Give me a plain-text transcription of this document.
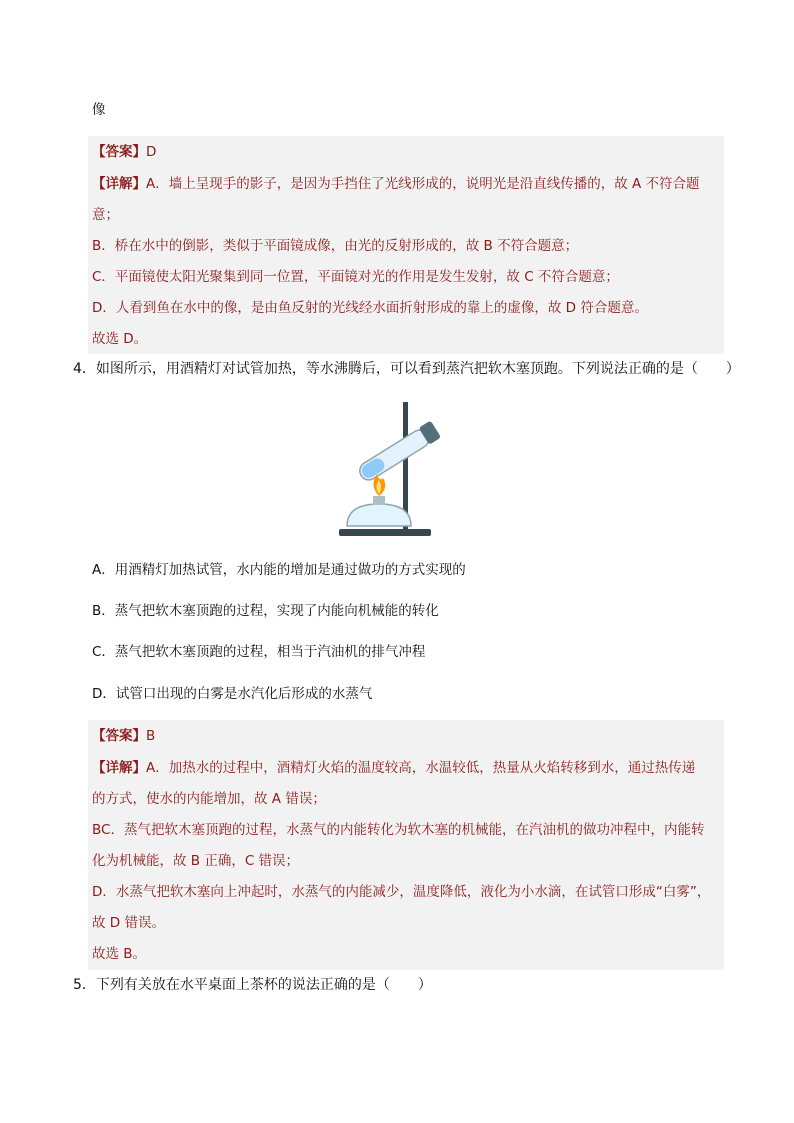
像
【答案】D
【详解】A．墙上呈现手的影子，是因为手挡住了光线形成的，说明光是沿直线传播的，故 A 不符合题
意；
B．桥在水中的倒影，类似于平面镜成像，由光的反射形成的，故 B 不符合题意；
C．平面镜使太阳光聚集到同一位置，平面镜对光的作用是发生发射，故 C 不符合题意；
D．人看到鱼在水中的像，是由鱼反射的光线经水面折射形成的靠上的虚像，故 D 符合题意。
故选 D。
4．如图所示，用酒精灯对试管加热，等水沸腾后，可以看到蒸汽把软木塞顶跑。下列说法正确的是（　　）
A．用酒精灯加热试管，水内能的增加是通过做功的方式实现的
B．蒸气把软木塞顶跑的过程，实现了内能向机械能的转化
C．蒸气把软木塞顶跑的过程，相当于汽油机的排气冲程
D．试管口出现的白雾是水汽化后形成的水蒸气
【答案】B
【详解】A．加热水的过程中，酒精灯火焰的温度较高，水温较低，热量从火焰转移到水，通过热传递
的方式，使水的内能增加，故 A 错误；
BC．蒸气把软木塞顶跑的过程，水蒸气的内能转化为软木塞的机械能，在汽油机的做功冲程中，内能转
化为机械能，故 B 正确，C 错误；
D．水蒸气把软木塞向上冲起时，水蒸气的内能减少，温度降低，液化为小水滴，在试管口形成“白雾”，
故 D 错误。
故选 B。
5．下列有关放在水平桌面上茶杯的说法正确的是（　　）
